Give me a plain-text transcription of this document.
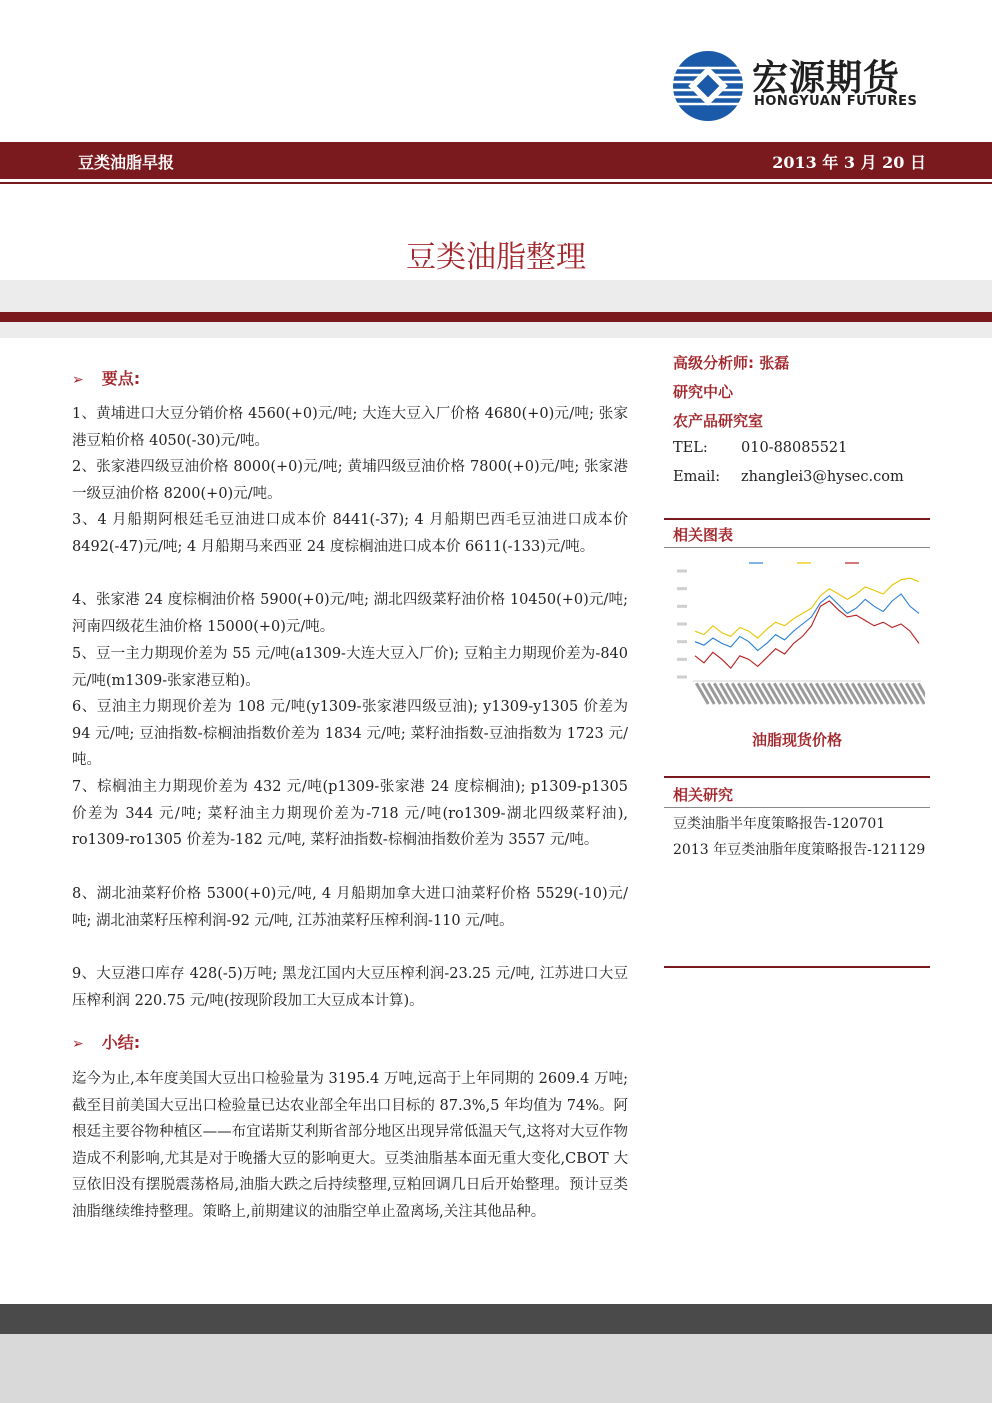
宏源期货
HONGYUAN FUTURES
豆类油脂早报	2013 年 3 月 20 日
豆类油脂整理
➢ 要点:
1、黄埔进口大豆分销价格 4560(+0)元/吨; 大连大豆入厂价格 4680(+0)元/吨; 张家港豆粕价格 4050(-30)元/吨。
2、张家港四级豆油价格 8000(+0)元/吨; 黄埔四级豆油价格 7800(+0)元/吨; 张家港一级豆油价格 8200(+0)元/吨。
3、4 月船期阿根廷毛豆油进口成本价 8441(-37); 4 月船期巴西毛豆油进口成本价 8492(-47)元/吨; 4 月船期马来西亚 24 度棕榈油进口成本价 6611(-133)元/吨。
4、张家港 24 度棕榈油价格 5900(+0)元/吨; 湖北四级菜籽油价格 10450(+0)元/吨; 河南四级花生油价格 15000(+0)元/吨。
5、豆一主力期现价差为 55 元/吨(a1309-大连大豆入厂价); 豆粕主力期现价差为-840 元/吨(m1309-张家港豆粕)。
6、豆油主力期现价差为 108 元/吨(y1309-张家港四级豆油); y1309-y1305 价差为 94 元/吨; 豆油指数-棕榈油指数价差为 1834 元/吨; 菜籽油指数-豆油指数为 1723 元/吨。
7、棕榈油主力期现价差为 432 元/吨(p1309-张家港 24 度棕榈油); p1309-p1305 价差为 344 元/吨; 菜籽油主力期现价差为-718 元/吨(ro1309-湖北四级菜籽油), ro1309-ro1305 价差为-182 元/吨, 菜籽油指数-棕榈油指数价差为 3557 元/吨。
8、湖北油菜籽价格 5300(+0)元/吨, 4 月船期加拿大进口油菜籽价格 5529(-10)元/吨; 湖北油菜籽压榨利润-92 元/吨, 江苏油菜籽压榨利润-110 元/吨。
9、大豆港口库存 428(-5)万吨; 黑龙江国内大豆压榨利润-23.25 元/吨, 江苏进口大豆压榨利润 220.75 元/吨(按现阶段加工大豆成本计算)。
➢ 小结:
迄今为止,本年度美国大豆出口检验量为 3195.4 万吨,远高于上年同期的 2609.4 万吨;截至目前美国大豆出口检验量已达农业部全年出口目标的 87.3%,5 年均值为 74%。阿根廷主要谷物种植区——布宜诺斯艾利斯省部分地区出现异常低温天气,这将对大豆作物造成不利影响,尤其是对于晚播大豆的影响更大。豆类油脂基本面无重大变化,CBOT 大豆依旧没有摆脱震荡格局,油脂大跌之后持续整理,豆粕回调几日后开始整理。预计豆类油脂继续维持整理。策略上,前期建议的油脂空单止盈离场,关注其他品种。
高级分析师: 张磊
研究中心
农产品研究室
TEL: 010-88085521
Email: zhanglei3@hysec.com
相关图表
油脂现货价格
相关研究
豆类油脂半年度策略报告-120701
2013 年豆类油脂年度策略报告-121129
